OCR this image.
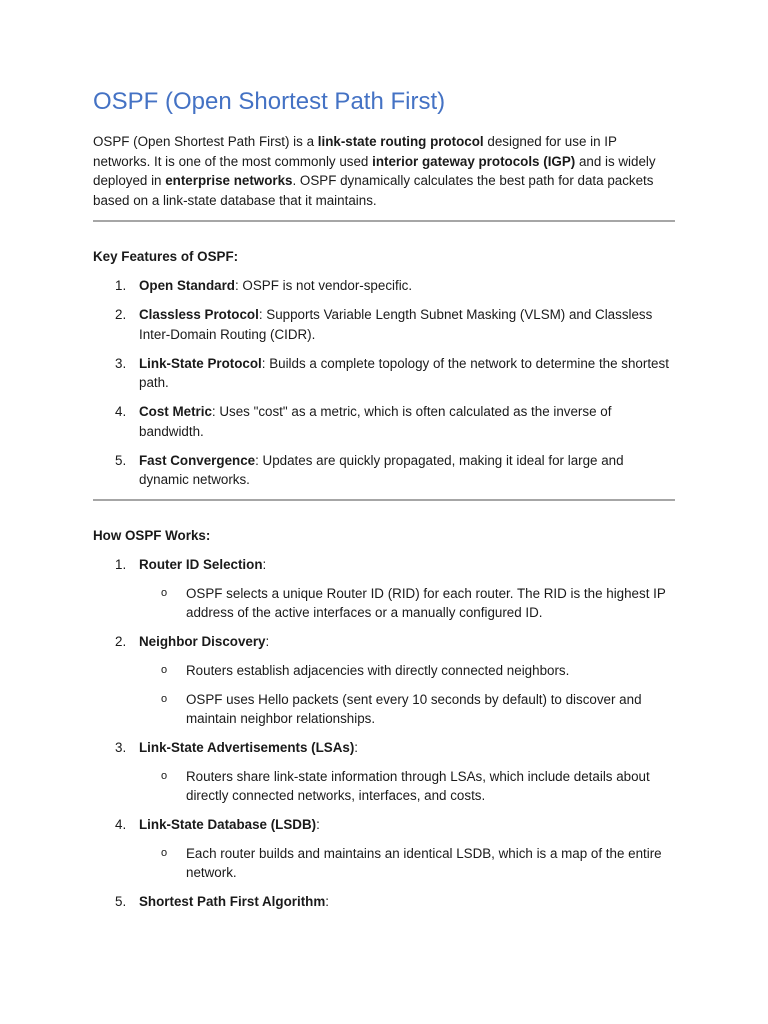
OSPF (Open Shortest Path First)

OSPF (Open Shortest Path First) is a link-state routing protocol designed for use in IP networks. It is one of the most commonly used interior gateway protocols (IGP) and is widely deployed in enterprise networks. OSPF dynamically calculates the best path for data packets based on a link-state database that it maintains.

Key Features of OSPF:
1. Open Standard: OSPF is not vendor-specific.
2. Classless Protocol: Supports Variable Length Subnet Masking (VLSM) and Classless Inter-Domain Routing (CIDR).
3. Link-State Protocol: Builds a complete topology of the network to determine the shortest path.
4. Cost Metric: Uses "cost" as a metric, which is often calculated as the inverse of bandwidth.
5. Fast Convergence: Updates are quickly propagated, making it ideal for large and dynamic networks.
How OSPF Works:
1. Router ID Selection:
o OSPF selects a unique Router ID (RID) for each router. The RID is the highest IP address of the active interfaces or a manually configured ID.
2. Neighbor Discovery:
o Routers establish adjacencies with directly connected neighbors.
o OSPF uses Hello packets (sent every 10 seconds by default) to discover and maintain neighbor relationships.
3. Link-State Advertisements (LSAs):
o Routers share link-state information through LSAs, which include details about directly connected networks, interfaces, and costs.
4. Link-State Database (LSDB):
o Each router builds and maintains an identical LSDB, which is a map of the entire network.
5. Shortest Path First Algorithm:
